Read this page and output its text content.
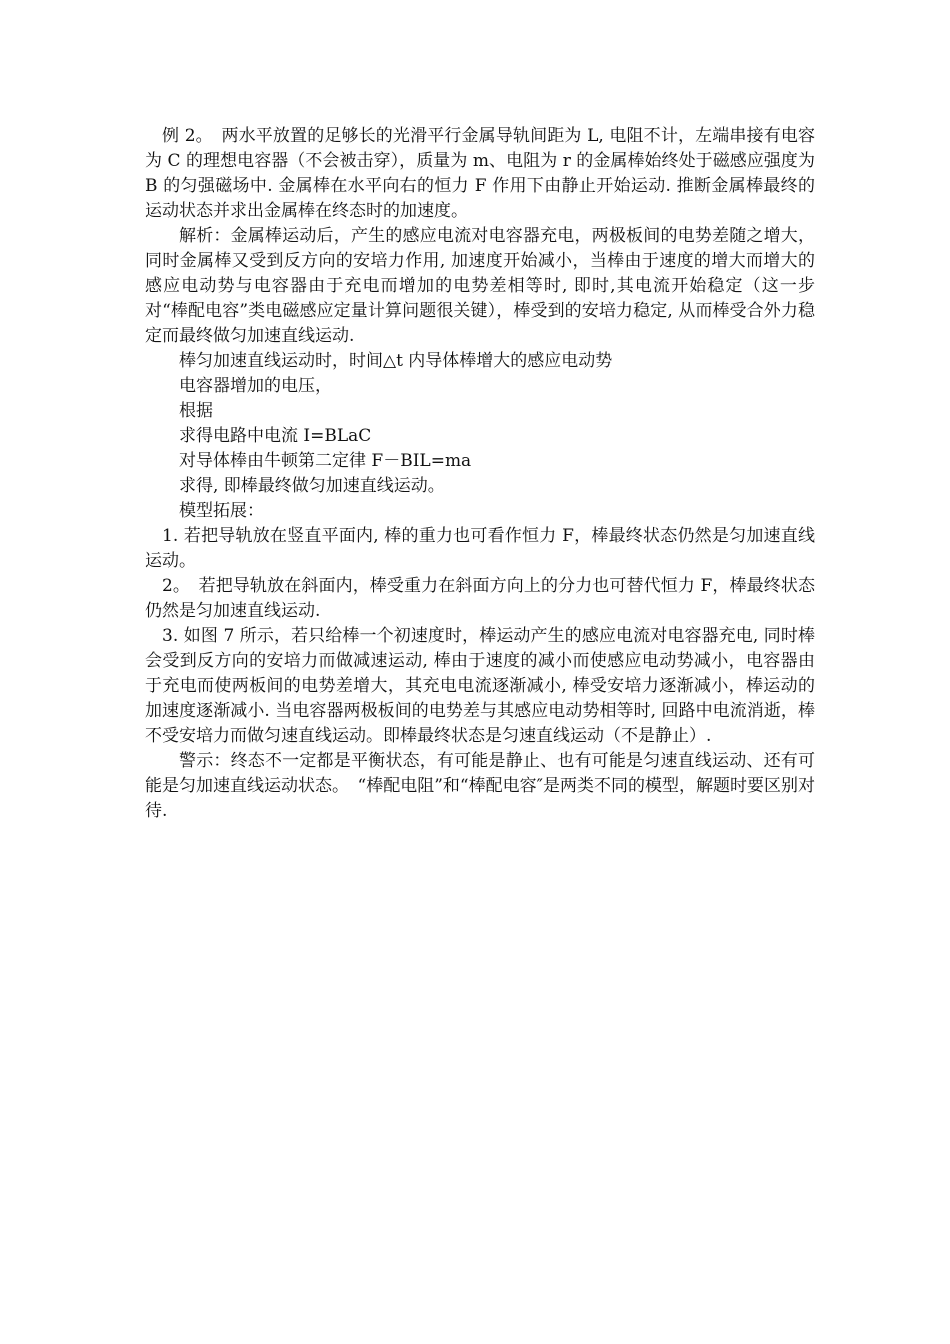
例 2。　两水平放置的足够长的光滑平行金属导轨间距为 L, 电阻不计，左端串接有电容为 C 的理想电容器（不会被击穿），质量为 m、电阻为 r 的金属棒始终处于磁感应强度为 B 的匀强磁场中. 金属棒在水平向右的恒力 F 作用下由静止开始运动. 推断金属棒最终的运动状态并求出金属棒在终态时的加速度。

解析：金属棒运动后，产生的感应电流对电容器充电，两极板间的电势差随之增大，同时金属棒又受到反方向的安培力作用, 加速度开始减小，当棒由于速度的增大而增大的感应电动势与电容器由于充电而增加的电势差相等时, 即时,其电流开始稳定（这一步对“棒配电容”类电磁感应定量计算问题很关键），棒受到的安培力稳定, 从而棒受合外力稳定而最终做匀加速直线运动.

棒匀加速直线运动时，时间△t 内导体棒增大的感应电动势

电容器增加的电压，

根据

求得电路中电流 I=BLaC

对导体棒由牛顿第二定律 F－BIL=ma

求得, 即棒最终做匀加速直线运动。

模型拓展：

1. 若把导轨放在竖直平面内, 棒的重力也可看作恒力 F，棒最终状态仍然是匀加速直线运动。

2。　若把导轨放在斜面内，棒受重力在斜面方向上的分力也可替代恒力 F，棒最终状态仍然是匀加速直线运动.

3. 如图 7 所示，若只给棒一个初速度时，棒运动产生的感应电流对电容器充电, 同时棒会受到反方向的安培力而做减速运动, 棒由于速度的减小而使感应电动势减小，电容器由于充电而使两板间的电势差增大，其充电电流逐渐减小, 棒受安培力逐渐减小，棒运动的加速度逐渐减小. 当电容器两极板间的电势差与其感应电动势相等时, 回路中电流消逝，棒不受安培力而做匀速直线运动。即棒最终状态是匀速直线运动（不是静止）.

警示：终态不一定都是平衡状态，有可能是静止、也有可能是匀速直线运动、还有可能是匀加速直线运动状态。　“棒配电阻”和“棒配电容″是两类不同的模型，解题时要区别对待.
